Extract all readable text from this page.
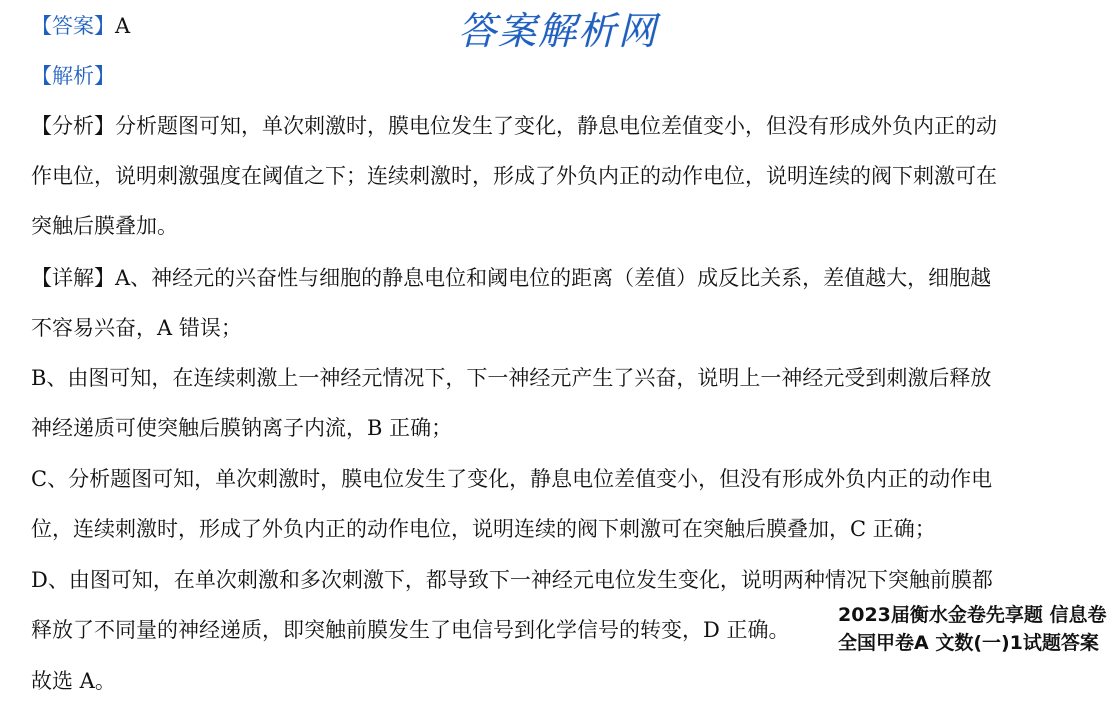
【答案】A	答案解析网
【解析】
【分析】分析题图可知，单次刺激时，膜电位发生了变化，静息电位差值变小，但没有形成外负内正的动
作电位，说明刺激强度在阈值之下；连续刺激时，形成了外负内正的动作电位，说明连续的阀下刺激可在
突触后膜叠加。
【详解】A、神经元的兴奋性与细胞的静息电位和阈电位的距离（差值）成反比关系，差值越大，细胞越
不容易兴奋，A 错误；
B、由图可知，在连续刺激上一神经元情况下，下一神经元产生了兴奋，说明上一神经元受到刺激后释放
神经递质可使突触后膜钠离子内流，B 正确；
C、分析题图可知，单次刺激时，膜电位发生了变化，静息电位差值变小，但没有形成外负内正的动作电
位，连续刺激时，形成了外负内正的动作电位，说明连续的阀下刺激可在突触后膜叠加，C 正确；
D、由图可知，在单次刺激和多次刺激下，都导致下一神经元电位发生变化，说明两种情况下突触前膜都
释放了不同量的神经递质，即突触前膜发生了电信号到化学信号的转变，D 正确。
故选 A。
2023届衡水金卷先享题 信息卷 全国甲卷A 文数(一)1试题答案
